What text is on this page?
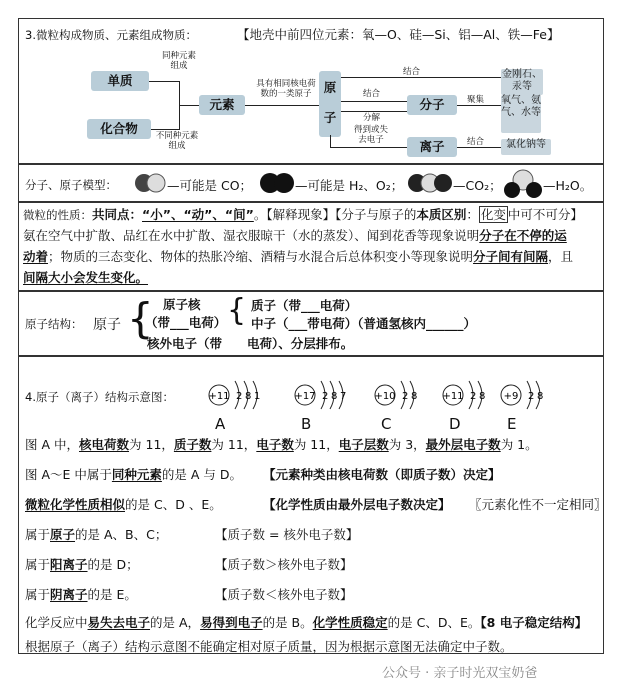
3.微粒构成物质、元素组成物质：	【地壳中前四位元素：氧—O、硅—Si、铝—Al、铁—Fe】
单质
化合物
元素
原子
分子
离子
同种元素组成
不同种元素组成
具有相同核电荷数的一类原子
结合
结合
分解
聚集
得到或失去电子	结合
金刚石、汞等
氧气、氨气、水等
氯化钠等
分子、原子模型：	—可能是 CO；	—可能是 H₂、O₂；	—CO₂；	—H₂O。
微粒的性质：共同点：“小”、“动”、“间”。【解释现象】【分子与原子的本质区别： 化变 中可不可分】
氨在空气中扩散、品红在水中扩散、湿衣服晾干（水的蒸发）、闻到花香等现象说明分子在不停的运
动着；物质的三态变化、物体的热胀冷缩、酒精与水混合后总体积变小等现象说明分子间有间隔，且
间隔大小会发生变化。
原子结构： 原子 { 原子核
（带___电荷）
核外电子（带　　电荷）、分层排布。
{ 质子（带___电荷）
中子（___带电荷）（普通氢核内______）
4.原子（离子）结构示意图：	+11 2 8 1
A
+17 2 8 7
B
+10 2 8
C
+11 2 8
D
+9 2 8
E
图 A 中，核电荷数为 11，质子数为 11，电子数为 11，电子层数为 3，最外层电子数为 1。
图 A～E 中属于同种元素的是 A 与 D。 【元素种类由核电荷数（即质子数）决定】
微粒化学性质相似的是 C、D 、E。	【化学性质由最外层电子数决定】 〖元素化性不一定相同〗
属于原子的是 A、B、C；	【质子数 = 核外电子数】
属于阳离子的是 D；	【质子数＞核外电子数】
属于阴离子的是 E。	【质子数＜核外电子数】
化学反应中易失去电子的是 A，易得到电子的是 B。化学性质稳定的是 C、D、E。【8 电子稳定结构】
根据原子（离子）结构示意图不能确定相对原子质量，因为根据示意图无法确定中子数。
公众号 · 亲子时光双宝奶爸
